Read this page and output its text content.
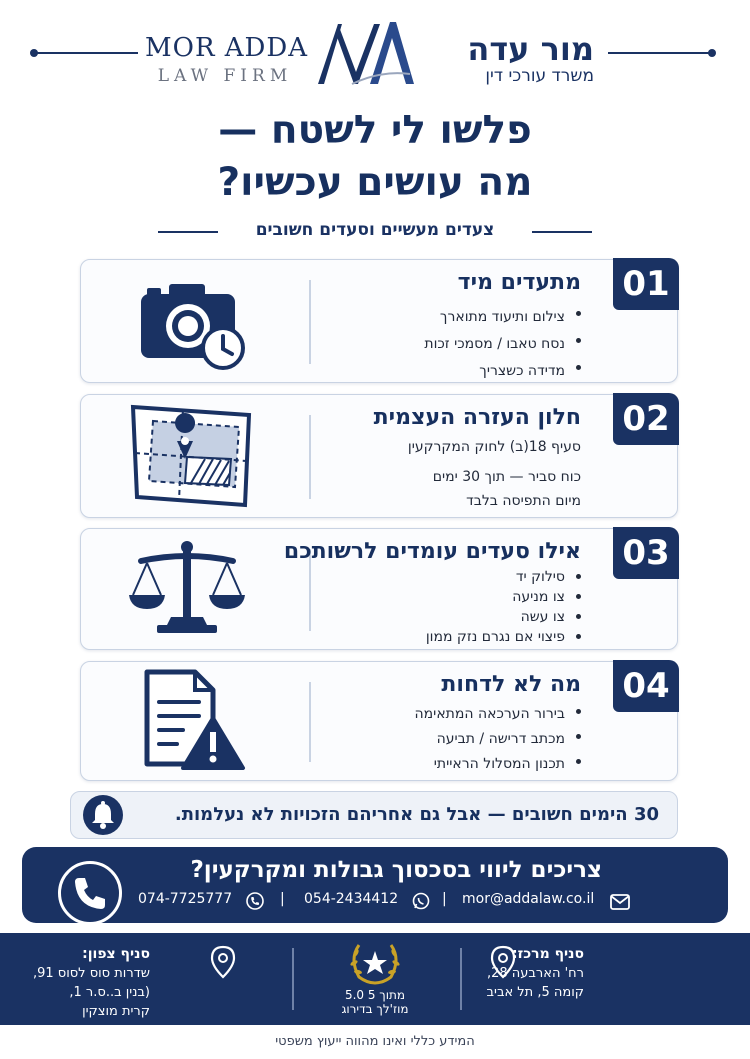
MOR ADDA
LAW FIRM
מור עדה
משרד עורכי דין
פלשו לי לשטח —
מה עושים עכשיו?
צעדים מעשיים וסעדים חשובים
01
מתעדים מיד
צילום ותיעוד מתוארך
נסח טאבו / מסמכי זכות
מדידה כשצריך
02
חלון העזרה העצמית
סעיף 18(ב) לחוק המקרקעין
כוח סביר — תוך 30 ימים
מיום התפיסה בלבד
03
אילו סעדים עומדים לרשותכם
סילוק יד
צו מניעה
צו עשה
פיצוי אם נגרם נזק ממון
04
מה לא לדחות
בירור הערכאה המתאימה
מכתב דרישה / תביעה
תכנון המסלול הראייתי
30 הימים חשובים — אבל גם אחריהם הזכויות לא נעלמות.
צריכים ליווי בסכסוך גבולות ומקרקעין?
mor@addalaw.co.il
|
054-2434412
|
074-7725777
סניף מרכז:
רח' הארבעה 28,
קומה 5, תל אביב
5.0 מתוך 5
מוז'לך בדירוג
סניף צפון:
שדרות סוס לסוס 91,
(בנין ב..ס.ר 1,
קרית מוצקין
המידע כללי ואינו מהווה ייעוץ משפטי
